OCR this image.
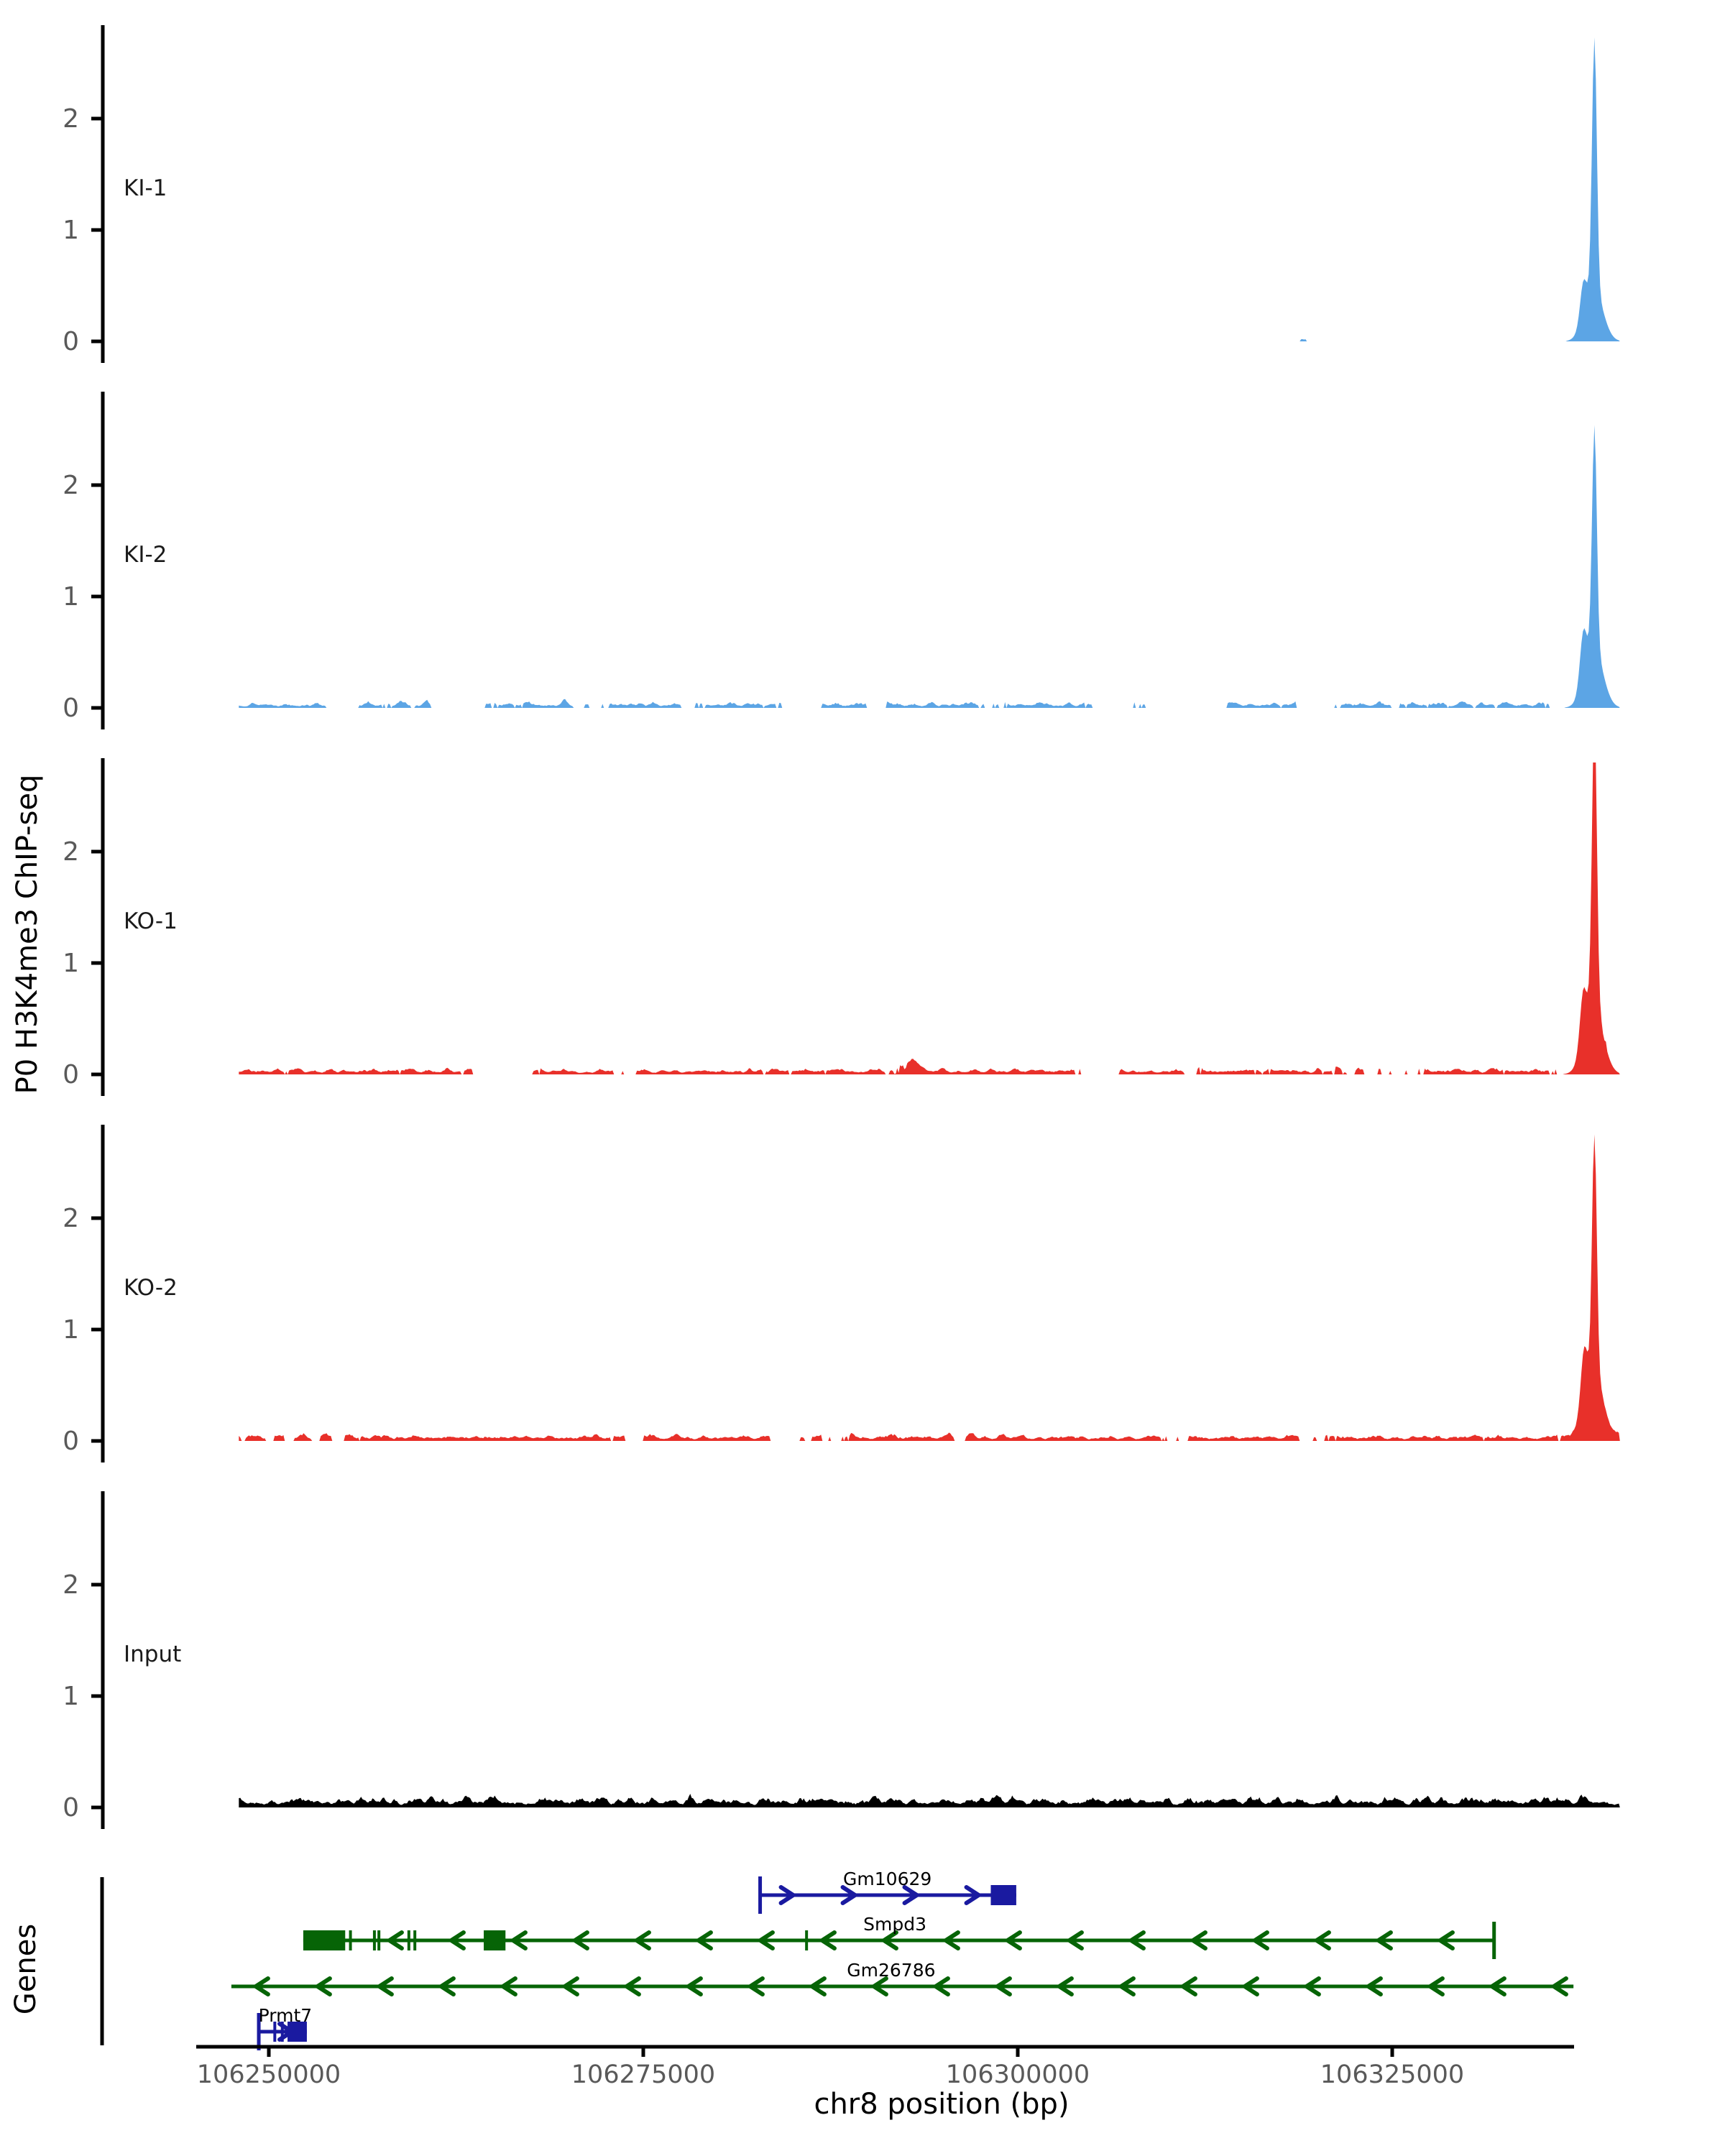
P0 H3K4me3 ChIP-seq
Genes
chr8 position (bp)
0
1
2
KI-1
0
1
2
KI-2
0
1
2
KO-1
0
1
2
KO-2
0
1
2
Input
Gm10629
Smpd3
Gm26786
Prmt7
106250000	106275000	106300000	106325000
